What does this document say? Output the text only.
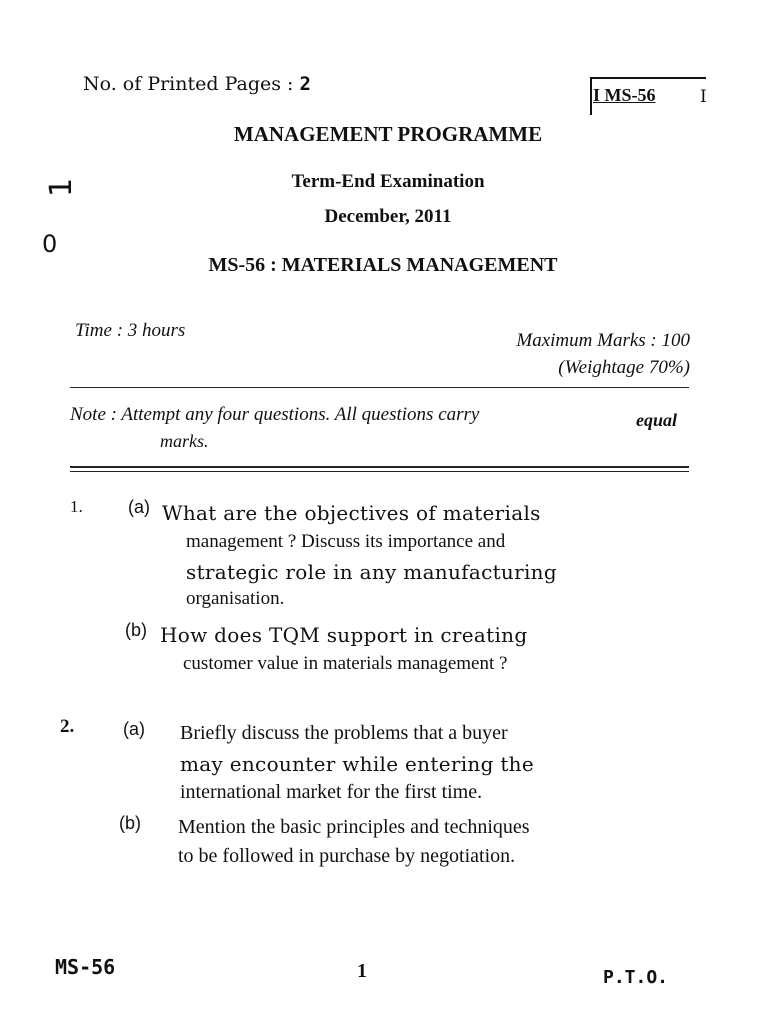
No. of Printed Pages : 2	I MS-56	I
1
0
MANAGEMENT PROGRAMME
Term-End Examination
December, 2011
MS-56 : MATERIALS MANAGEMENT
Time : 3 hours	Maximum Marks : 100
(Weightage 70%)
Note : Attempt any four questions. All questions carry	equal
marks.
1.	(a) What are the objectives of materials
management ? Discuss its importance and
strategic role in any manufacturing
organisation.
(b) How does TQM support in creating
customer value in materials management ?
2.	(a) Briefly discuss the problems that a buyer
may encounter while entering the
international market for the first time.
(b) Mention the basic principles and techniques
to be followed in purchase by negotiation.
MS-56	1	P.T.O.
